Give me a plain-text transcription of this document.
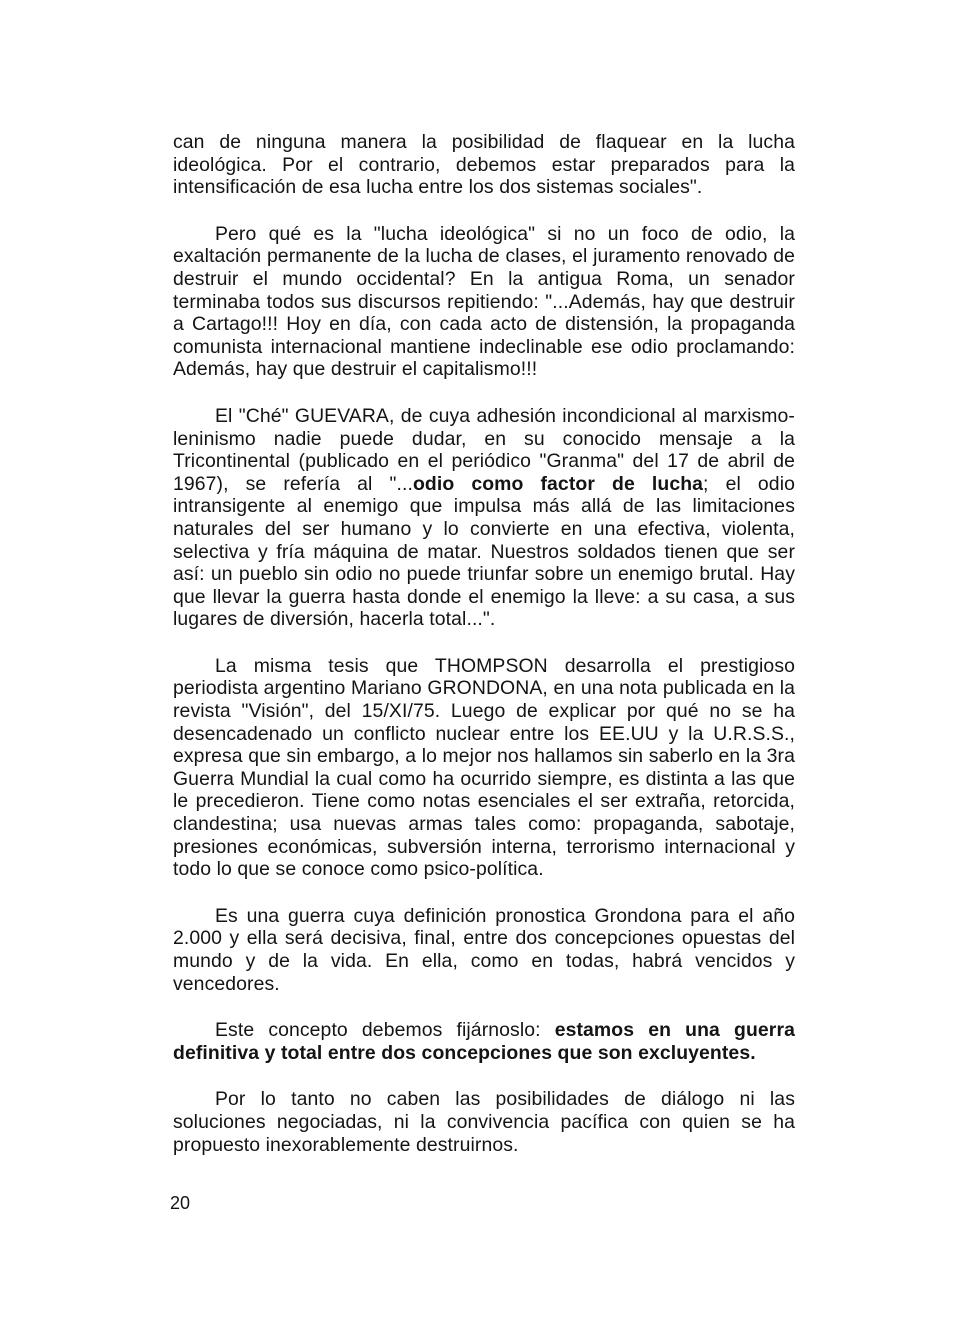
can de ninguna manera la posibilidad de flaquear en la lucha ideológica. Por el contrario, debemos estar preparados para la intensificación de esa lucha entre los dos sistemas sociales".

Pero qué es la "lucha ideológica" si no un foco de odio, la exaltación permanente de la lucha de clases, el juramento renovado de destruir el mundo occidental? En la antigua Roma, un senador terminaba todos sus discursos repitiendo: "...Además, hay que destruir a Cartago!!! Hoy en día, con cada acto de distensión, la propaganda comunista internacional mantiene indeclinable ese odio proclamando: Además, hay que destruir el capitalismo!!!

El "Ché" GUEVARA, de cuya adhesión incondicional al marxismo-leninismo nadie puede dudar, en su conocido mensaje a la Tricontinental (publicado en el periódico "Granma" del 17 de abril de 1967), se refería al "...odio como factor de lucha; el odio intransigente al enemigo que impulsa más allá de las limitaciones naturales del ser humano y lo convierte en una efectiva, violenta, selectiva y fría máquina de matar. Nuestros soldados tienen que ser así: un pueblo sin odio no puede triunfar sobre un enemigo brutal. Hay que llevar la guerra hasta donde el enemigo la lleve: a su casa, a sus lugares de diversión, hacerla total...".

La misma tesis que THOMPSON desarrolla el prestigioso periodista argentino Mariano GRONDONA, en una nota publicada en la revista "Visión", del 15/XI/75. Luego de explicar por qué no se ha desencadenado un conflicto nuclear entre los EE.UU y la U.R.S.S., expresa que sin embargo, a lo mejor nos hallamos sin saberlo en la 3ra Guerra Mundial la cual como ha ocurrido siempre, es distinta a las que le precedieron. Tiene como notas esenciales el ser extraña, retorcida, clandestina; usa nuevas armas tales como: propaganda, sabotaje, presiones económicas, subversión interna, terrorismo internacional y todo lo que se conoce como psico-política.

Es una guerra cuya definición pronostica Grondona para el año 2.000 y ella será decisiva, final, entre dos concepciones opuestas del mundo y de la vida. En ella, como en todas, habrá vencidos y vencedores.

Este concepto debemos fijárnoslo: estamos en una guerra definitiva y total entre dos concepciones que son excluyentes.

Por lo tanto no caben las posibilidades de diálogo ni las soluciones negociadas, ni la convivencia pacífica con quien se ha propuesto inexorablemente destruirnos.

20
